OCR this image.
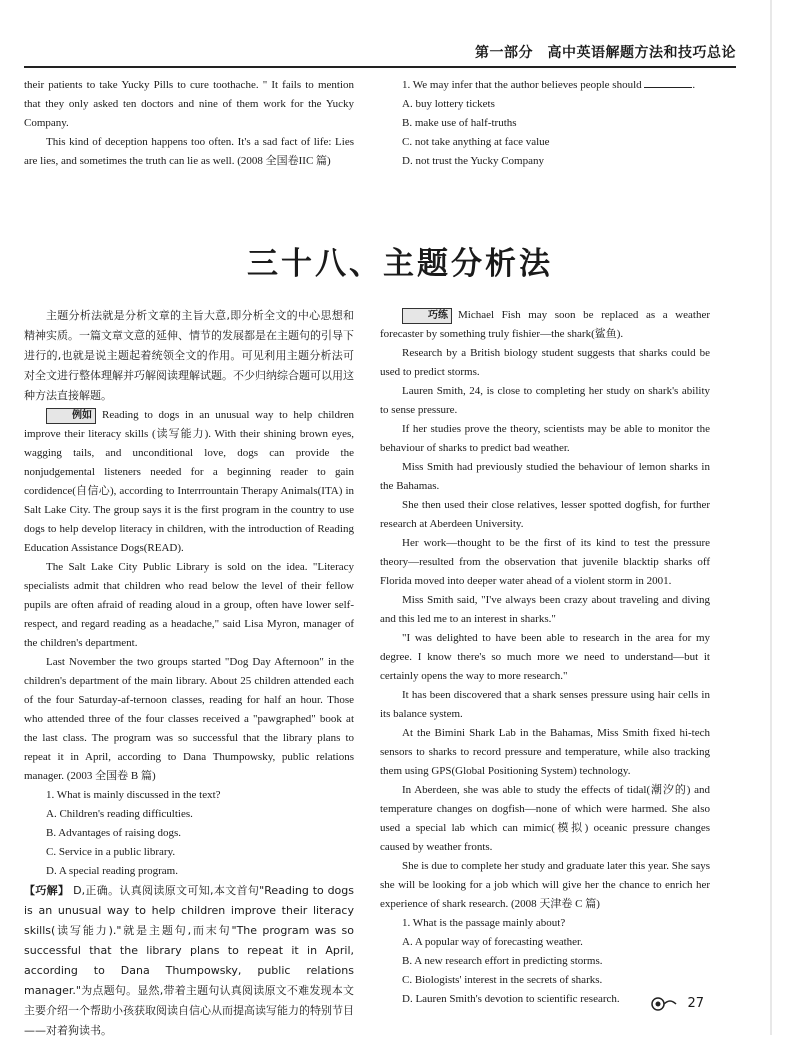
第一部分　高中英语解题方法和技巧总论

their patients to take Yucky Pills to cure toothache. " It fails to mention that they only asked ten doctors and nine of them work for the Yucky Company.

This kind of deception happens too often. It's a sad fact of life: Lies are lies, and sometimes the truth can lie as well. (2008 全国卷IIC 篇)

1. We may infer that the author believes people should	.

A. buy lottery tickets

B. make use of half-truths

C. not take anything at face value

D. not trust the Yucky Company

三十八、主题分析法

主题分析法就是分析文章的主旨大意,即分析全文的中心思想和精神实质。一篇文章文意的延伸、情节的发展都是在主题句的引导下进行的,也就是说主题起着统领全文的作用。可见利用主题分析法可对全文进行整体理解并巧解阅读理解试题。不少归纳综合题可以用这种方法直接解题。

例如 Reading to dogs in an unusual way to help children improve their literacy skills (读写能力). With their shining brown eyes, wagging tails, and unconditional love, dogs can provide the nonjudgemental listeners needed for a beginning reader to gain cordidence(自信心), according to Interrrountain Therapy Animals(ITA) in Salt Lake City. The group says it is the first program in the country to use dogs to help develop literacy in children, with the introduction of Reading Education Assistance Dogs(READ).

The Salt Lake City Public Library is sold on the idea. "Literacy specialists admit that children who read below the level of their fellow pupils are often afraid of reading aloud in a group, often have lower self-respect, and regard reading as a headache," said Lisa Myron, manager of the children's department.

Last November the two groups started "Dog Day Afternoon" in the children's department of the main library. About 25 children attended each of the four Saturday-af-ternoon classes, reading for half an hour. Those who attended three of the four classes received a "pawgraphed" book at the last class. The program was so successful that the library plans to repeat it in April, according to Dana Thumpowsky, public relations manager. (2003 全国卷 B 篇)

1. What is mainly discussed in the text?

A. Children's reading difficulties.

B. Advantages of raising dogs.

C. Service in a public library.

D. A special reading program.

【巧解】 D,正确。认真阅读原文可知,本文首句"Reading to dogs is an unusual way to help children improve their literacy skills(读写能力)."就是主题句,而末句"The program was so successful that the library plans to repeat it in April, according to Dana Thumpowsky, public relations manager."为点题句。显然,带着主题句认真阅读原文不难发现本文主要介绍一个帮助小孩获取阅读自信心从而提高读写能力的特别节目——对着狗读书。

巧练 Michael Fish may soon be replaced as a weather forecaster by something truly fishier—the shark(鲨鱼).

Research by a British biology student suggests that sharks could be used to predict storms.

Lauren Smith, 24, is close to completing her study on shark's ability to sense pressure.

If her studies prove the theory, scientists may be able to monitor the behaviour of sharks to predict bad weather.

Miss Smith had previously studied the behaviour of lemon sharks in the Bahamas.

She then used their close relatives, lesser spotted dogfish, for further research at Aberdeen University.

Her work—thought to be the first of its kind to test the pressure theory—resulted from the observation that juvenile blacktip sharks off Florida moved into deeper water ahead of a violent storm in 2001.

Miss Smith said, "I've always been crazy about traveling and diving and this led me to an interest in sharks."

"I was delighted to have been able to research in the area for my degree. I know there's so much more we need to understand—but it certainly opens the way to more research."

It has been discovered that a shark senses pressure using hair cells in its balance system.

At the Bimini Shark Lab in the Bahamas, Miss Smith fixed hi-tech sensors to sharks to record pressure and temperature, while also tracking them using GPS(Global Positioning System) technology.

In Aberdeen, she was able to study the effects of tidal(潮汐的) and temperature changes on dogfish—none of which were harmed. She also used a special lab which can mimic(模拟) oceanic pressure changes caused by weather fronts.

She is due to complete her study and graduate later this year. She says she will be looking for a job which will give her the chance to enrich her experience of shark research. (2008 天津卷 C 篇)

1. What is the passage mainly about?

A. A popular way of forecasting weather.

B. A new research effort in predicting storms.

C. Biologists' interest in the secrets of sharks.

D. Lauren Smith's devotion to scientific research.	27
